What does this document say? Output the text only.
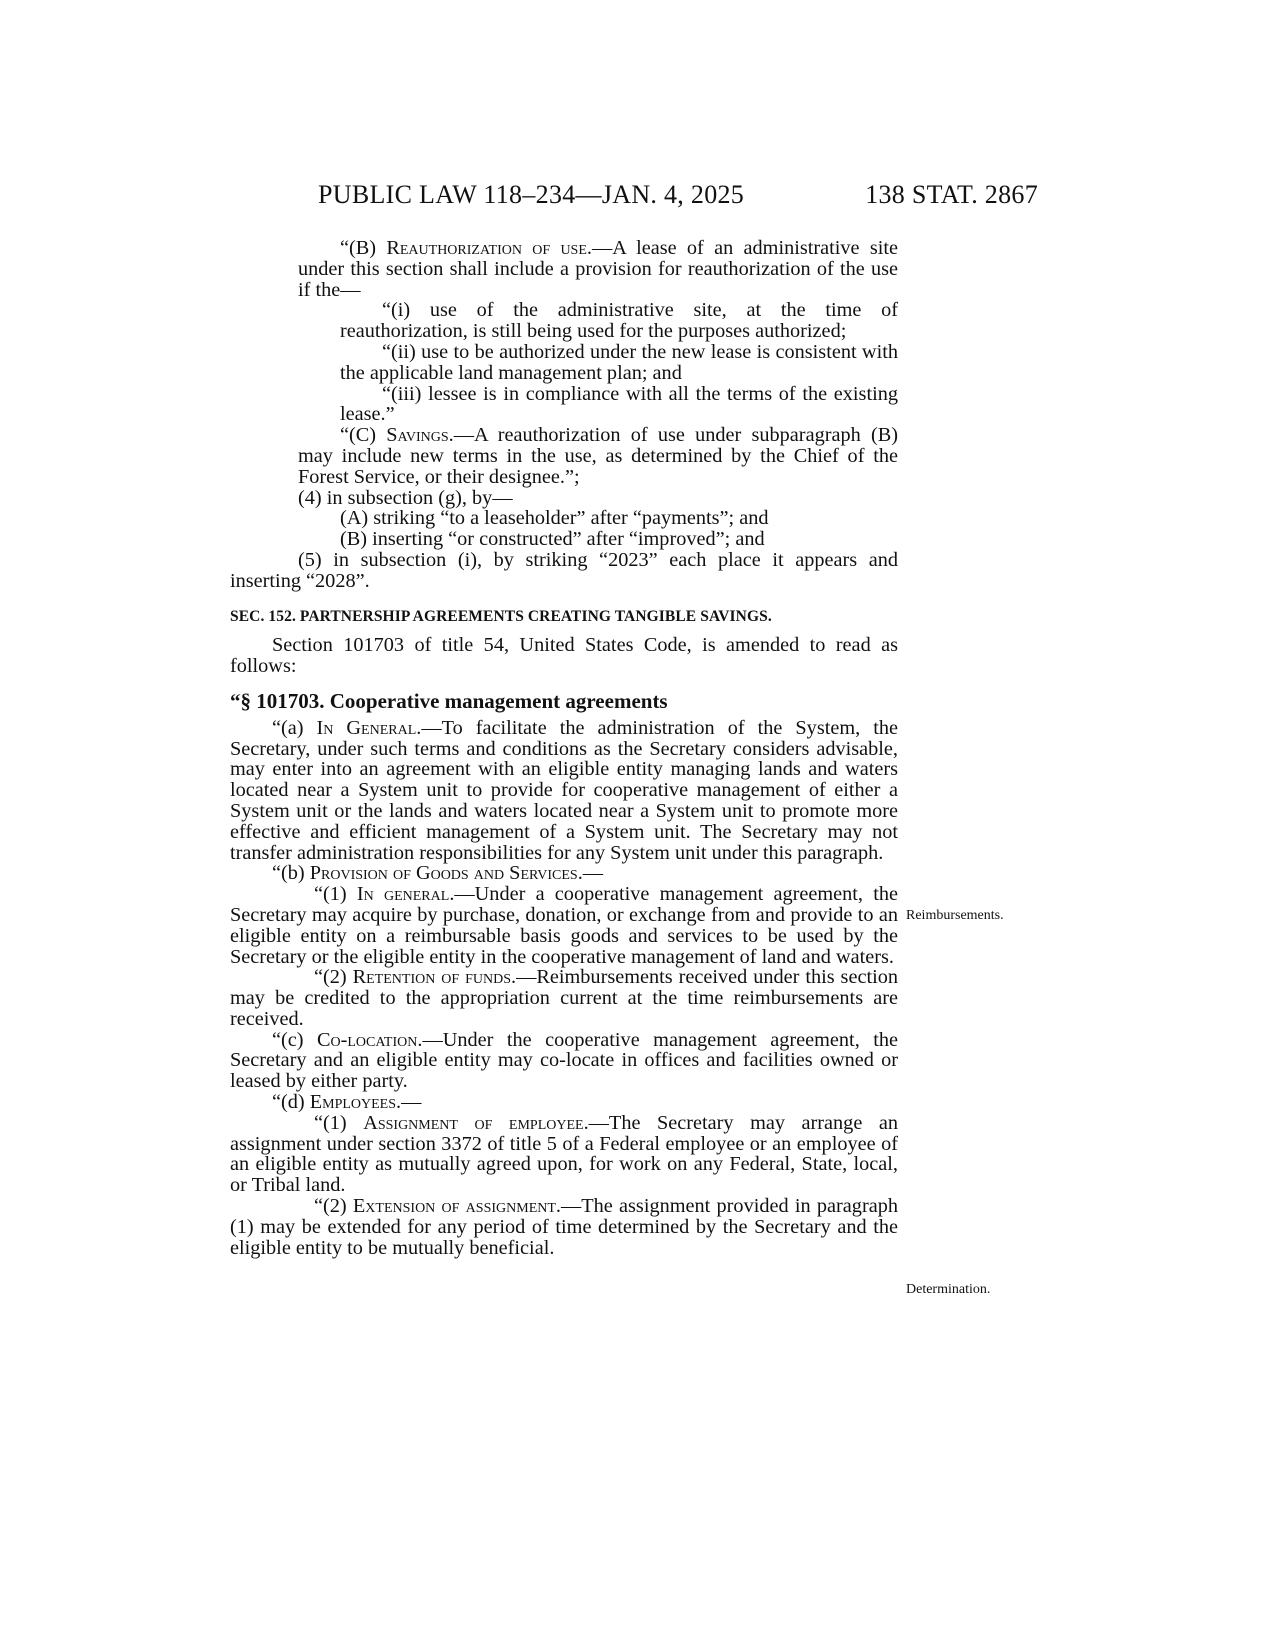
PUBLIC LAW 118–234—JAN. 4, 2025	138 STAT. 2867

“(B) Reauthorization of use.—A lease of an administrative site under this section shall include a provision for reauthorization of the use if the—

“(i) use of the administrative site, at the time of reauthorization, is still being used for the purposes authorized;

“(ii) use to be authorized under the new lease is consistent with the applicable land management plan; and

“(iii) lessee is in compliance with all the terms of the existing lease.”

“(C) Savings.—A reauthorization of use under subparagraph (B) may include new terms in the use, as determined by the Chief of the Forest Service, or their designee.”;

(4) in subsection (g), by—

(A) striking “to a leaseholder” after “payments”; and

(B) inserting “or constructed” after “improved”; and

(5) in subsection (i), by striking “2023” each place it appears and inserting “2028”.

SEC. 152. PARTNERSHIP AGREEMENTS CREATING TANGIBLE SAVINGS.

Section 101703 of title 54, United States Code, is amended to read as follows:

“§ 101703. Cooperative management agreements

“(a) In General.—To facilitate the administration of the System, the Secretary, under such terms and conditions as the Secretary considers advisable, may enter into an agreement with an eligible entity managing lands and waters located near a System unit to provide for cooperative management of either a System unit or the lands and waters located near a System unit to promote more effective and efficient management of a System unit. The Secretary may not transfer administration responsibilities for any System unit under this paragraph.

“(b) Provision of Goods and Services.—

“(1) In general.—Under a cooperative management agreement, the Secretary may acquire by purchase, donation, or exchange from and provide to an eligible entity on a reimbursable basis goods and services to be used by the Secretary or the eligible entity in the cooperative management of land and waters.

“(2) Retention of funds.—Reimbursements received under this section may be credited to the appropriation current at the time reimbursements are received.

“(c) Co-location.—Under the cooperative management agreement, the Secretary and an eligible entity may co-locate in offices and facilities owned or leased by either party.

“(d) Employees.—

“(1) Assignment of employee.—The Secretary may arrange an assignment under section 3372 of title 5 of a Federal employee or an employee of an eligible entity as mutually agreed upon, for work on any Federal, State, local, or Tribal land.

“(2) Extension of assignment.—The assignment provided in paragraph (1) may be extended for any period of time determined by the Secretary and the eligible entity to be mutually beneficial.

Reimbursements.
Determination.
